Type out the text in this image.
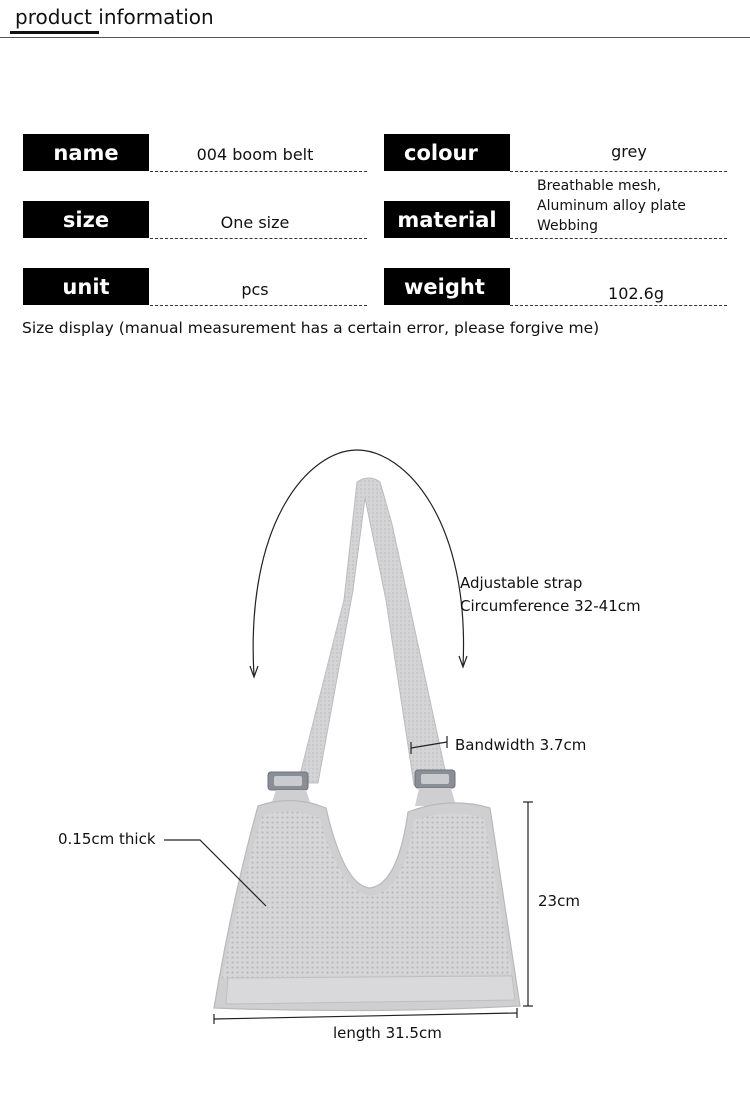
product information
name	004 boom belt	colour	grey
size	One size	material
Breathable mesh,
Aluminum alloy plate
Webbing
unit	pcs	weight	102.6g
Size display (manual measurement has a certain error, please forgive me)
Adjustable strap
Circumference 32-41cm
Bandwidth 3.7cm
0.15cm thick
23cm
length 31.5cm
